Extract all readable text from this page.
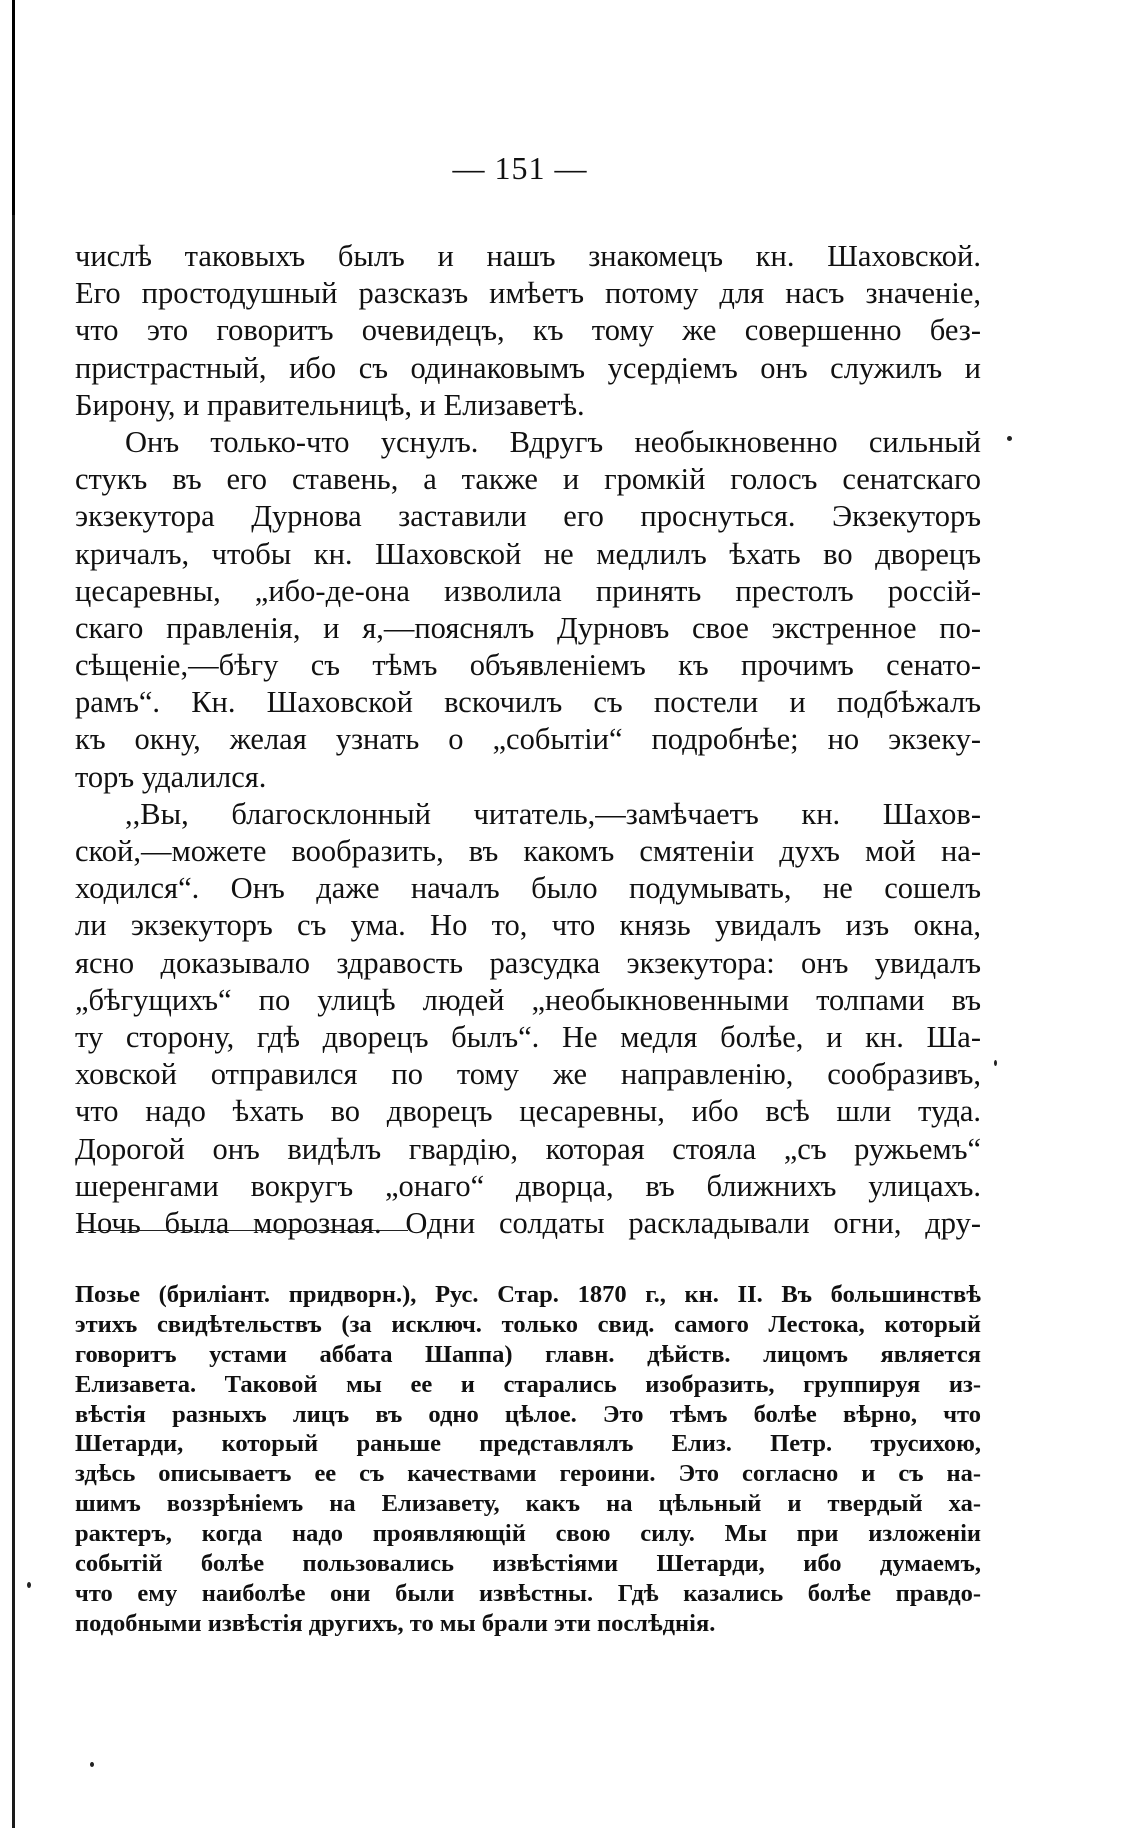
— 151 —
числѣ таковыхъ былъ и нашъ знакомецъ кн. Шаховской.
Его простодушный разсказъ имѣетъ потому для насъ значеніе,
что это говоритъ очевидецъ, къ тому же совершенно без-
пристрастный, ибо съ одинаковымъ усердіемъ онъ служилъ и
Бирону, и правительницѣ, и Елизаветѣ.
Онъ только-что уснулъ. Вдругъ необыкновенно сильный
стукъ въ его ставень, а также и громкій голосъ сенатскаго
экзекутора Дурнова заставили его проснуться. Экзекуторъ
кричалъ, чтобы кн. Шаховской не медлилъ ѣхать во дворецъ
цесаревны, „ибо-де-она изволила принять престолъ россій-
скаго правленія, и я,—пояснялъ Дурновъ свое экстренное по-
сѣщеніе,—бѣгу съ тѣмъ объявленіемъ къ прочимъ сенато-
рамъ“. Кн. Шаховской вскочилъ съ постели и подбѣжалъ
къ окну, желая узнать о „событіи“ подробнѣе; но экзеку-
торъ удалился.
,,Вы, благосклонный читатель,—замѣчаетъ кн. Шахов-
ской,—можете вообразить, въ какомъ смятеніи духъ мой на-
ходился“. Онъ даже началъ было подумывать, не сошелъ
ли экзекуторъ съ ума. Но то, что князь увидалъ изъ окна,
ясно доказывало здравость разсудка экзекутора: онъ увидалъ
„бѣгущихъ“ по улицѣ людей „необыкновенными толпами въ
ту сторону, гдѣ дворецъ былъ“. Не медля болѣе, и кн. Ша-
ховской отправился по тому же направленію, сообразивъ,
что надо ѣхать во дворецъ цесаревны, ибо всѣ шли туда.
Дорогой онъ видѣлъ гвардію, которая стояла „съ ружьемъ“
шеренгами вокругъ „онаго“ дворца, въ ближнихъ улицахъ.
Ночь была морозная. Одни солдаты раскладывали огни, дру-
Позье (бриліант. придворн.), Рус. Стар. 1870 г., кн. II. Въ большинствѣ
этихъ свидѣтельствъ (за исключ. только свид. самого Лестока, который
говоритъ устами аббата Шаппа) главн. дѣйств. лицомъ является
Елизавета. Таковой мы ее и старались изобразить, группируя из-
вѣстія разныхъ лицъ въ одно цѣлое. Это тѣмъ болѣе вѣрно, что
Шетарди, который раньше представлялъ Елиз. Петр. трусихою,
здѣсь описываетъ ее съ качествами героини. Это согласно и съ на-
шимъ воззрѣніемъ на Елизавету, какъ на цѣльный и твердый ха-
рактеръ, когда надо проявляющій свою силу. Мы при изложеніи
событій болѣе пользовались извѣстіями Шетарди, ибо думаемъ,
что ему наиболѣе они были извѣстны. Гдѣ казались болѣе правдо-
подобными извѣстія другихъ, то мы брали эти послѣднія.
